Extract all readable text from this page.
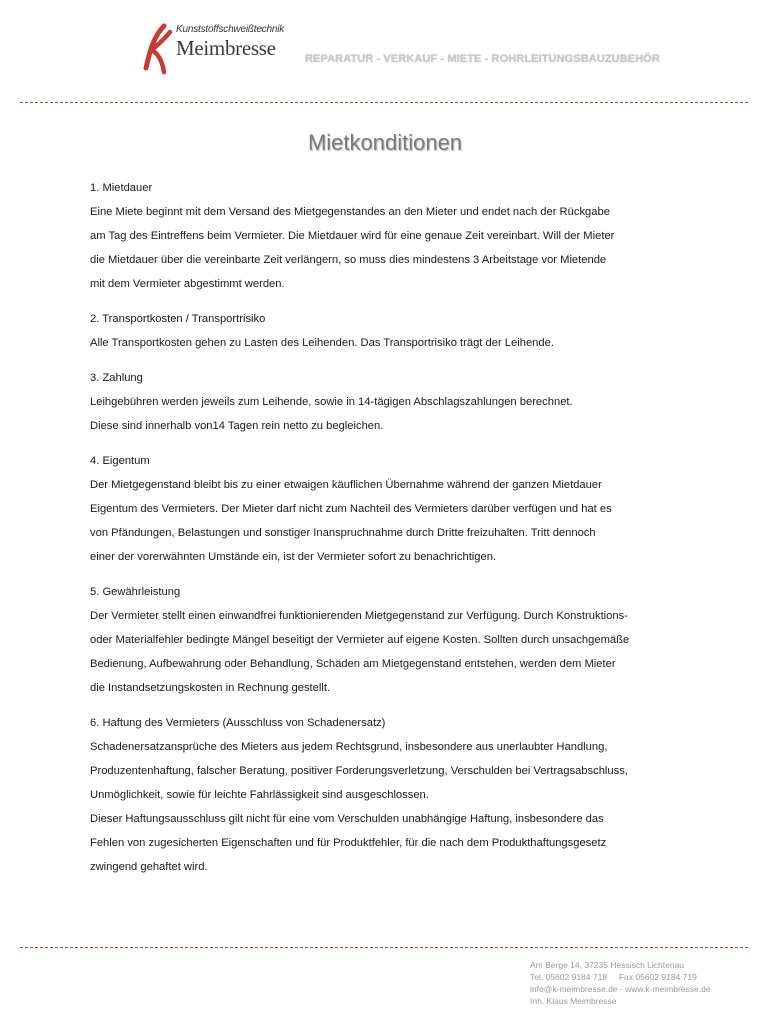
Kunststoffschweißtechnik
Meimbresse	REPARATUR - VERKAUF - MIETE - ROHRLEITUNGSBAUZUBEHÖR
Mietkonditionen
1. Mietdauer
Eine Miete beginnt mit dem Versand des Mietgegenstandes an den Mieter und endet nach der Rückgabe
am Tag des Eintreffens beim Vermieter. Die Mietdauer wird für eine genaue Zeit vereinbart. Will der Mieter
die Mietdauer über die vereinbarte Zeit verlängern, so muss dies mindestens 3 Arbeitstage vor Mietende
mit dem Vermieter abgestimmt werden.
2. Transportkosten / Transportrisiko
Alle Transportkosten gehen zu Lasten des Leihenden. Das Transportrisiko trägt der Leihende.
3. Zahlung
Leihgebühren werden jeweils zum Leihende, sowie in 14-tägigen Abschlagszahlungen berechnet.
Diese sind innerhalb von14 Tagen rein netto zu begleichen.
4. Eigentum
Der Mietgegenstand bleibt bis zu einer etwaigen käuflichen Übernahme während der ganzen Mietdauer
Eigentum des Vermieters. Der Mieter darf nicht zum Nachteil des Vermieters darüber verfügen und hat es
von Pfändungen, Belastungen und sonstiger Inanspruchnahme durch Dritte freizuhalten. Tritt dennoch
einer der vorerwähnten Umstände ein, ist der Vermieter sofort zu benachrichtigen.
5. Gewährleistung
Der Vermieter stellt einen einwandfrei funktionierenden Mietgegenstand zur Verfügung. Durch Konstruktions-
oder Materialfehler bedingte Mängel beseitigt der Vermieter auf eigene Kosten. Sollten durch unsachgemäße
Bedienung, Aufbewahrung oder Behandlung, Schäden am Mietgegenstand entstehen, werden dem Mieter
die Instandsetzungskosten in Rechnung gestellt.
6. Haftung des Vermieters (Ausschluss von Schadenersatz)
Schadenersatzansprüche des Mieters aus jedem Rechtsgrund, insbesondere aus unerlaubter Handlung,
Produzentenhaftung, falscher Beratung, positiver Forderungsverletzung, Verschulden bei Vertragsabschluss,
Unmöglichkeit, sowie für leichte Fahrlässigkeit sind ausgeschlossen.
Dieser Haftungsausschluss gilt nicht für eine vom Verschulden unabhängige Haftung, insbesondere das
Fehlen von zugesicherten Eigenschaften und für Produktfehler, für die nach dem Produkthaftungsgesetz
zwingend gehaftet wird.
Am Berge 14, 37235 Hessisch Lichtenau
Tel. 05602 9184 718     Fax 05602 9184 719
info@k-meimbresse.de - www.k-meimbresse.de
Inh. Klaus Meimbresse
